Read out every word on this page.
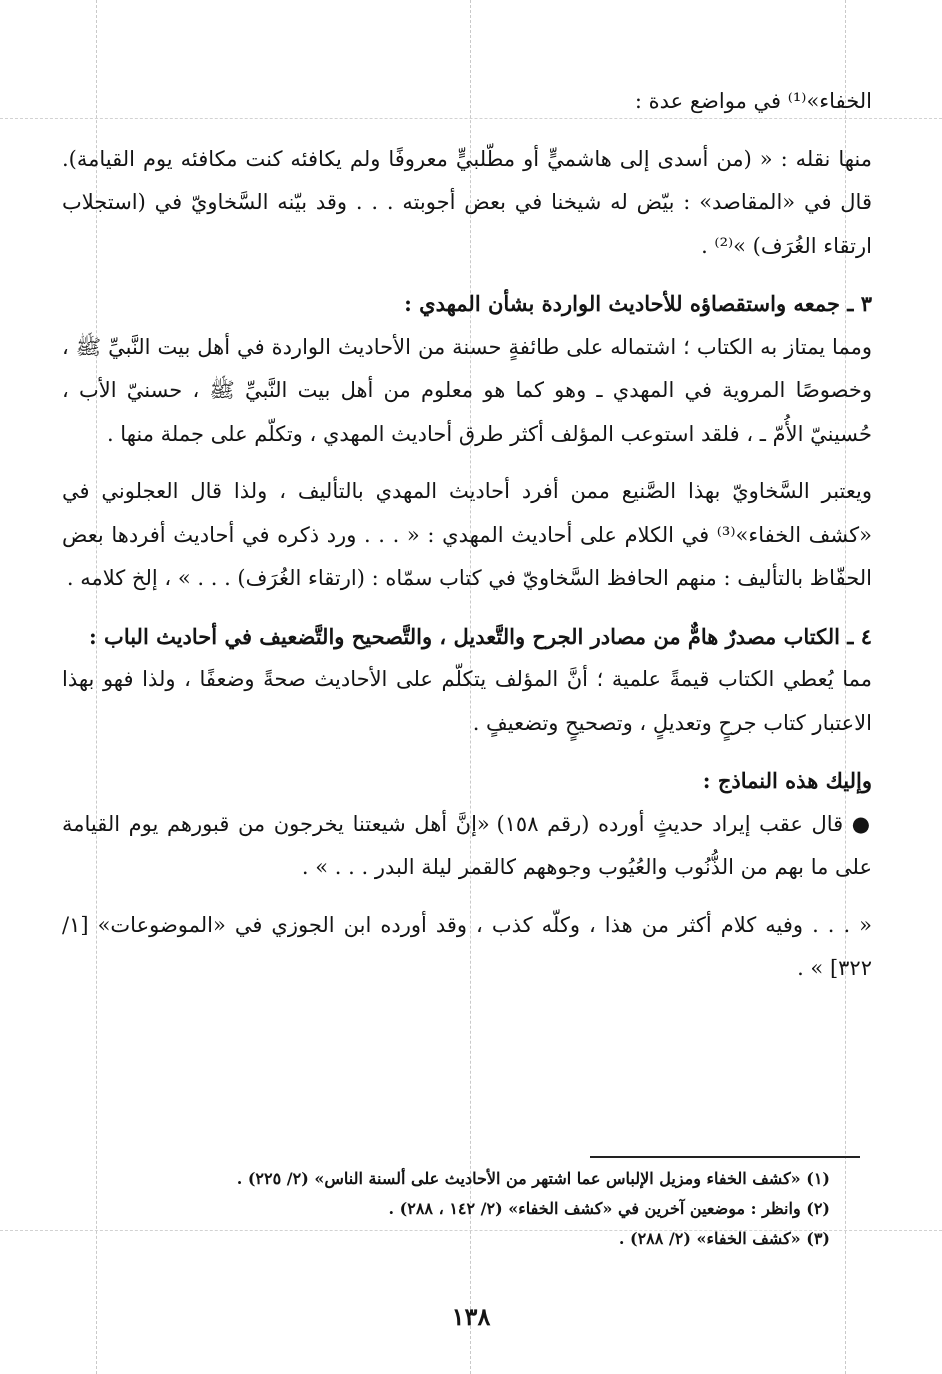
الخفاء»⁽¹⁾ في مواضع عدة :

منها نقله : « (من أسدى إلى هاشميٍّ أو مطّلبيٍّ معروفًا ولم يكافئه كنت مكافئه يوم القيامة). قال في «المقاصد» : بيّض له شيخنا في بعض أجوبته . . . وقد بيّنه السَّخاويّ في (استجلاب ارتقاء الغُرَف) »⁽²⁾ .

٣ ـ جمعه واستقصاؤه للأحاديث الواردة بشأن المهدي :

ومما يمتاز به الكتاب ؛ اشتماله على طائفةٍ حسنة من الأحاديث الواردة في أهل بيت النَّبيِّ ﷺ ، وخصوصًا المروية في المهدي ـ وهو كما هو معلوم من أهل بيت النَّبيِّ ﷺ ، حسنيّ الأب ، حُسينيّ الأُمّ ـ ، فلقد استوعب المؤلف أكثر طرق أحاديث المهدي ، وتكلّم على جملة منها .

ويعتبر السَّخاويّ بهذا الصَّنيع ممن أفرد أحاديث المهدي بالتأليف ، ولذا قال العجلوني في «كشف الخفاء»⁽³⁾ في الكلام على أحاديث المهدي : « . . . ورد ذكره في أحاديث أفردها بعض الحفّاظ بالتأليف : منهم الحافظ السَّخاويّ في كتاب سمّاه : (ارتقاء الغُرَف) . . . » ، إلخ كلامه .

٤ ـ الكتاب مصدرٌ هامٌّ من مصادر الجرح والتَّعديل ، والتَّصحيح والتَّضعيف في أحاديث الباب :

مما يُعطي الكتاب قيمةً علمية ؛ أنَّ المؤلف يتكلّم على الأحاديث صحةً وضعفًا ، ولذا فهو بهذا الاعتبار كتاب جرحٍ وتعديلٍ ، وتصحيحٍ وتضعيفٍ .

وإليك هذه النماذج :

● قال عقب إيراد حديثٍ أورده (رقم ١٥٨) «إنَّ أهل شيعتنا يخرجون من قبورهم يوم القيامة على ما بهم من الذُّنُوب والعُيُوب وجوههم كالقمر ليلة البدر . . . » .

« . . . وفيه كلام أكثر من هذا ، وكلّه كذب ، وقد أورده ابن الجوزي في «الموضوعات» [١/ ٣٢٢] » .

(١) «كشف الخفاء ومزيل الإلباس عما اشتهر من الأحاديث على ألسنة الناس» (٢/ ٢٢٥) .
(٢) وانظر : موضعين آخرين في «كشف الخفاء» (٢/ ١٤٢ ، ٢٨٨) .
(٣) «كشف الخفاء» (٢/ ٢٨٨) .
١٣٨
